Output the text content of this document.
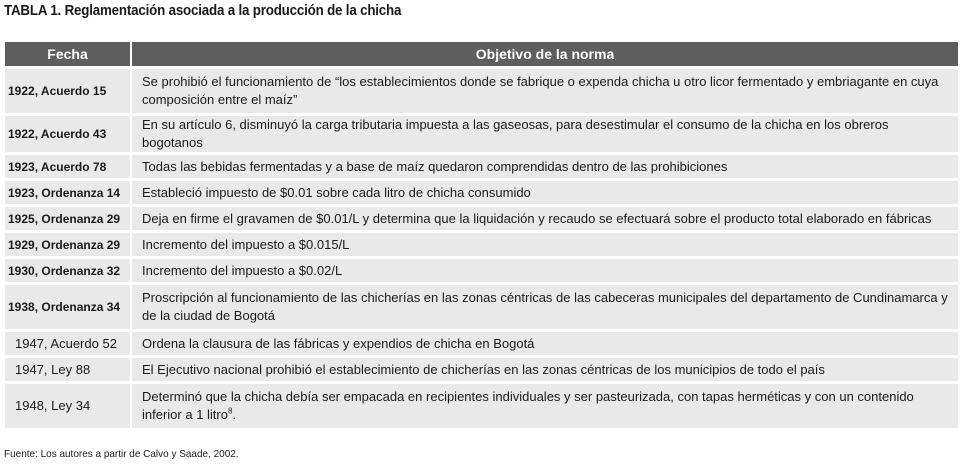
TABLA 1. Reglamentación asociada a la producción de la chicha
Fecha	Objetivo de la norma
1922, Acuerdo 15	Se prohibió el funcionamiento de “los establecimientos donde se fabrique o expenda chicha u otro licor fermentado y embriagante en cuya composición entre el maíz”
1922, Acuerdo 43	En su artículo 6, disminuyó la carga tributaria impuesta a las gaseosas, para desestimular el consumo de la chicha en los obreros bogotanos
1923, Acuerdo 78	Todas las bebidas fermentadas y a base de maíz quedaron comprendidas dentro de las prohibiciones
1923, Ordenanza 14	Estableció impuesto de $0.01 sobre cada litro de chicha consumido
1925, Ordenanza 29	Deja en firme el gravamen de $0.01/L y determina que la liquidación y recaudo se efectuará sobre el producto total elaborado en fábricas
1929, Ordenanza 29	Incremento del impuesto a $0.015/L
1930, Ordenanza 32	Incremento del impuesto a $0.02/L
1938, Ordenanza 34	Proscripción al funcionamiento de las chicherías en las zonas céntricas de las cabeceras municipales del departamento de Cundinamarca y de la ciudad de Bogotá
1947, Acuerdo 52	Ordena la clausura de las fábricas y expendios de chicha en Bogotá
1947, Ley 88	El Ejecutivo nacional prohibió el establecimiento de chicherías en las zonas céntricas de los municipios de todo el país
1948, Ley 34	Determinó que la chicha debía ser empacada en recipientes individuales y ser pasteurizada, con tapas herméticas y con un contenido inferior a 1 litro$^8$.
Fuente: Los autores a partir de Calvo y Saade, 2002.
